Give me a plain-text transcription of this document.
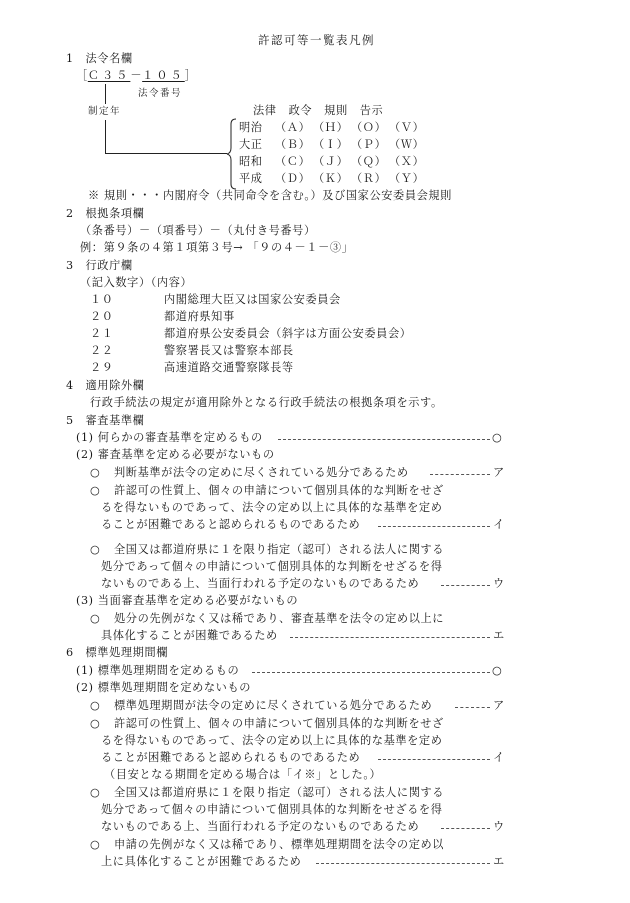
許認可等一覧表凡例
1　法令名欄
［Ｃ３５－１０５］
法令番号
制定年	法律 政令 規則 告示
明治 （Ａ） （Ｈ） （Ｏ） （Ｖ）
大正 （Ｂ） （Ｉ） （Ｐ） （Ｗ）
昭和 （Ｃ） （Ｊ） （Ｑ） （Ｘ）
平成 （Ｄ） （Ｋ） （Ｒ） （Ｙ）
※ 規則・・・内閣府令（共同命令を含む。）及び国家公安委員会規則
2　根拠条項欄
（条番号）－（項番号）－（丸付き号番号）
例：第９条の４第１項第３号→ 「９の４－１－③」
3　行政庁欄
（記入数字）（内容）
１０	内閣総理大臣又は国家公安委員会
２０	都道府県知事
２１	都道府県公安委員会（斜字は方面公安委員会）
２２	警察署長又は警察本部長
２９	高速道路交通警察隊長等
4　適用除外欄
行政手続法の規定が適用除外となる行政手続法の根拠条項を示す。
5　審査基準欄
(1) 何らかの審査基準を定めるもの	○
(2) 審査基準を定める必要がないもの
○ 判断基準が法令の定めに尽くされている処分であるため	ア
○ 許認可の性質上、個々の申請について個別具体的な判断をせざ
るを得ないものであって、法令の定め以上に具体的な基準を定め
ることが困難であると認められるものであるため	イ
○ 全国又は都道府県に１を限り指定（認可）される法人に関する
処分であって個々の申請について個別具体的な判断をせざるを得
ないものである上、当面行われる予定のないものであるため	ウ
(3) 当面審査基準を定める必要がないもの
○ 処分の先例がなく又は稀であり、審査基準を法令の定め以上に
具体化することが困難であるため	エ
6　標準処理期間欄
(1) 標準処理期間を定めるもの	○
(2) 標準処理期間を定めないもの
○ 標準処理期間が法令の定めに尽くされている処分であるため	ア
○ 許認可の性質上、個々の申請について個別具体的な判断をせざ
るを得ないものであって、法令の定め以上に具体的な基準を定め
ることが困難であると認められるものであるため	イ
（目安となる期間を定める場合は「イ※」とした。）
○ 全国又は都道府県に１を限り指定（認可）される法人に関する
処分であって個々の申請について個別具体的な判断をせざるを得
ないものである上、当面行われる予定のないものであるため	ウ
○ 申請の先例がなく又は稀であり、標準処理期間を法令の定め以
上に具体化することが困難であるため	エ
